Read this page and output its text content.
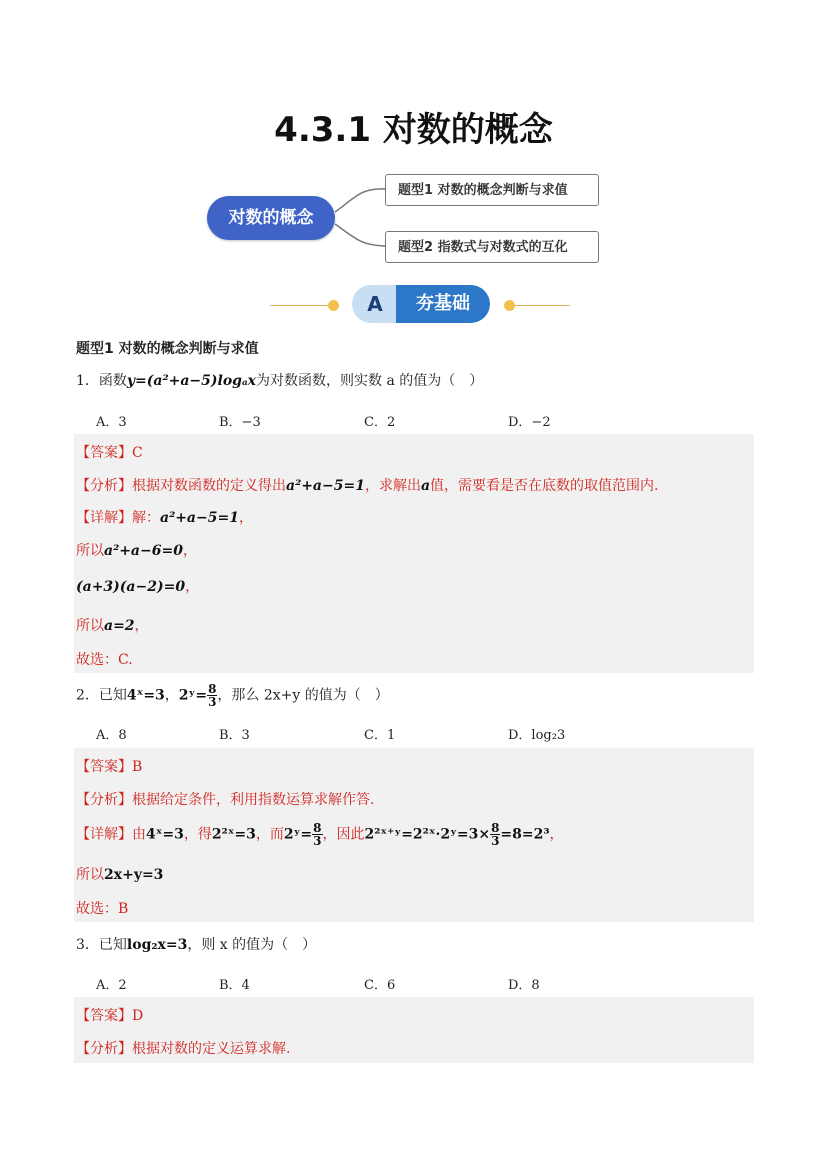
4.3.1 对数的概念
对数的概念
题型1 对数的概念判断与求值
题型2 指数式与对数式的互化
A	夯基础
题型1 对数的概念判断与求值
1．函数y=(a²+a−5)logₐx为对数函数，则实数 a 的值为（　）
A．3	B．−3	C．2	D．−2
【答案】C
【分析】根据对数函数的定义得出a²+a−5=1，求解出a值，需要看是否在底数的取值范围内.
【详解】解：a²+a−5=1，
所以a²+a−6=0，
(a+3)(a−2)=0，
所以a=2，
故选：C.
2．已知4ˣ=3，2ʸ= $\frac{8}{3}$ ，那么 2x+y 的值为（　）
A．8	B．3	C．1	D．log₂3
【答案】B
【分析】根据给定条件，利用指数运算求解作答.
【详解】由4ˣ=3，得2²ˣ=3，而2ʸ= $\frac{8}{3}$ ，因此2²ˣ⁺ʸ=2²ˣ·2ʸ=3× $\frac{8}{3} =8=2^3$，
所以2x+y=3
故选：B
3．已知log₂x=3，则 x 的值为（　）
A．2	B．4	C．6	D．8
【答案】D
【分析】根据对数的定义运算求解.
